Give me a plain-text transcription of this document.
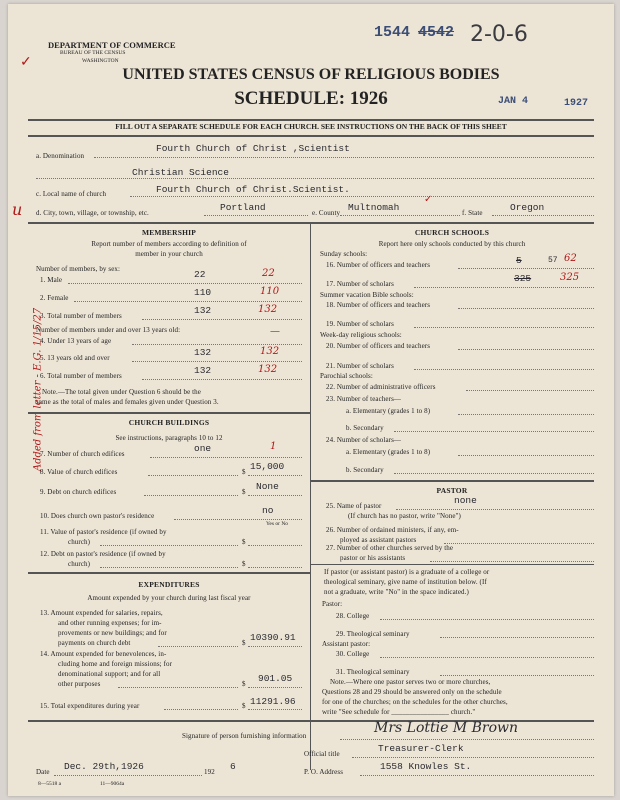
DEPARTMENT OF COMMERCE
BUREAU OF THE CENSUS
WASHINGTON
1544 4542 2-0-6
UNITED STATES CENSUS OF RELIGIOUS BODIES
SCHEDULE: 1926	JAN 4	1927
✓
FILL OUT A SEPARATE SCHEDULE FOR EACH CHURCH. SEE INSTRUCTIONS ON THE BACK OF THIS SHEET
a. Denomination
Fourth Church of Christ ,Scientist
Christian Science
c. Local name of church	Fourth Church of Christ.Scientist.
d. City, town, village, or township, etc.	Portland	e. County Multnomah	f. State	Oregon
✓
u
Added from letter - E.G. 1/15/27
MEMBERSHIP
Report number of members according to definition of
member in your church
Number of members, by sex:
1. Male	22	22
2. Female	110	110
3. Total number of members	132	132
Number of members under and over 13 years old:
4. Under 13 years of age
—
5. 13 years old and over	132	132
6. Total number of members	132	132
Note.—The total given under Question 6 should be the
same as the total of males and females given under Question 3.
CHURCH BUILDINGS
See instructions, paragraphs 10 to 12
7. Number of church edifices	one	1
8. Value of church edifices	$ 15,000
9. Debt on church edifices	$ None
10. Does church own pastor's residence	no
Yes or No
11. Value of pastor's residence (if owned by
church)	$
12. Debt on pastor's residence (if owned by
church)	$
EXPENDITURES
Amount expended by your church during last fiscal year
13. Amount expended for salaries, repairs,
and other running expenses; for im-
provements or new buildings; and for
payments on church debt	$ 10390.91
14. Amount expended for benevolences, in-
cluding home and foreign missions; for
denominational support; and for all
other purposes	$ 901.05
15. Total expenditures during year	$ 11291.96
CHURCH SCHOOLS
Report here only schools conducted by this church
Sunday schools:
16. Number of officers and teachers	5	57 62
17. Number of scholars	325	325
Summer vacation Bible schools:
18. Number of officers and teachers
19. Number of scholars
Week-day religious schools:
20. Number of officers and teachers
21. Number of scholars
Parochial schools:
22. Number of administrative officers
23. Number of teachers—
a. Elementary (grades 1 to 8)
b. Secondary
24. Number of scholars—
a. Elementary (grades 1 to 8)
b. Secondary
PASTOR
25. Name of pastor	none
(If church has no pastor, write "None")
26. Number of ordained ministers, if any, em-
ployed as assistant pastors
27. Number of other churches served by the
pastor or his assistants
If pastor (or assistant pastor) is a graduate of a college or
theological seminary, give name of institution below. (If
not a graduate, write "No" in the space indicated.)
Pastor:
28. College
29. Theological seminary
Assistant pastor:
30. College
31. Theological seminary
Note.—Where one pastor serves two or more churches,
Questions 28 and 29 should be answered only on the schedule
for one of the churches; on the schedules for the other churches,
write "See schedule for ________________ church."
Signature of person furnishing information	Mrs Lottie M Brown
Official title	Treasurer-Clerk
Date Dec. 29th,1926	192 6	P. O. Address	1558 Knowles St.
8—5518 a	11—9064a
